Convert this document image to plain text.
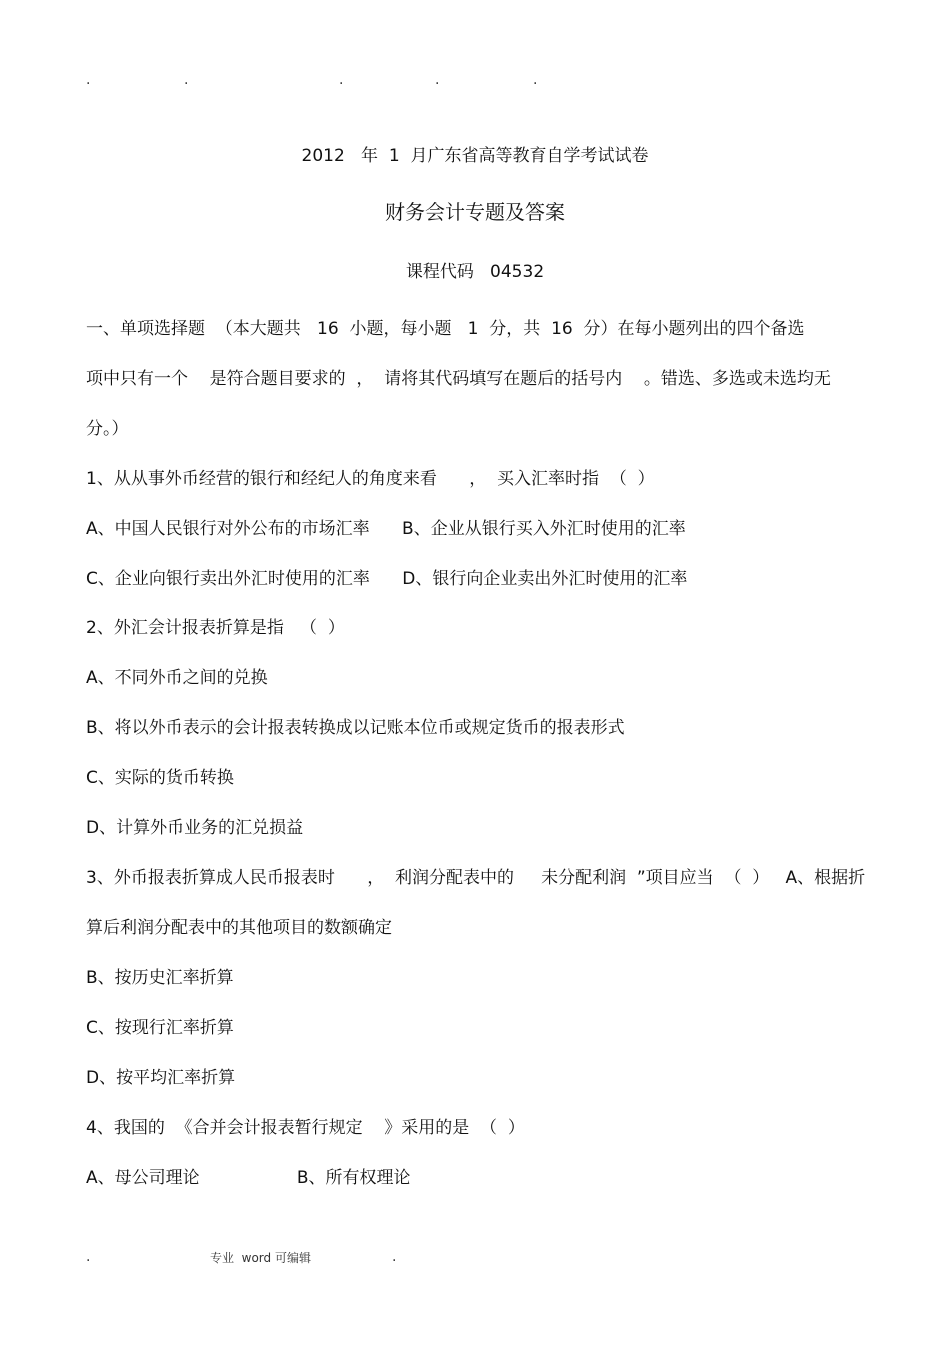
.	.	.	.	.
2012   年  1  月广东省高等教育自学考试试卷
财务会计专题及答案
课程代码   04532
一、单项选择题  （本大题共   16  小题，每小题   1  分，共  16  分）在每小题列出的四个备选
项中只有一个    是符合题目要求的  ，  请将其代码填写在题后的括号内    。错选、多选或未选均无
分。）
1、从从事外币经营的银行和经纪人的角度来看      ，  买入汇率时指  （  ）
A、中国人民银行对外公布的市场汇率      B、企业从银行买入外汇时使用的汇率
C、企业向银行卖出外汇时使用的汇率      D、银行向企业卖出外汇时使用的汇率
2、外汇会计报表折算是指   （  ）
A、不同外币之间的兑换
B、将以外币表示的会计报表转换成以记账本位币或规定货币的报表形式
C、实际的货币转换
D、计算外币业务的汇兑损益
3、外币报表折算成人民币报表时      ，  利润分配表中的     未分配利润  ”项目应当  （  ）   A、根据折
算后利润分配表中的其他项目的数额确定
B、按历史汇率折算
C、按现行汇率折算
D、按平均汇率折算
4、我国的  《合并会计报表暂行规定    》采用的是  （  ）
A、母公司理论                  B、所有权理论
.	专业  word 可编辑	.
